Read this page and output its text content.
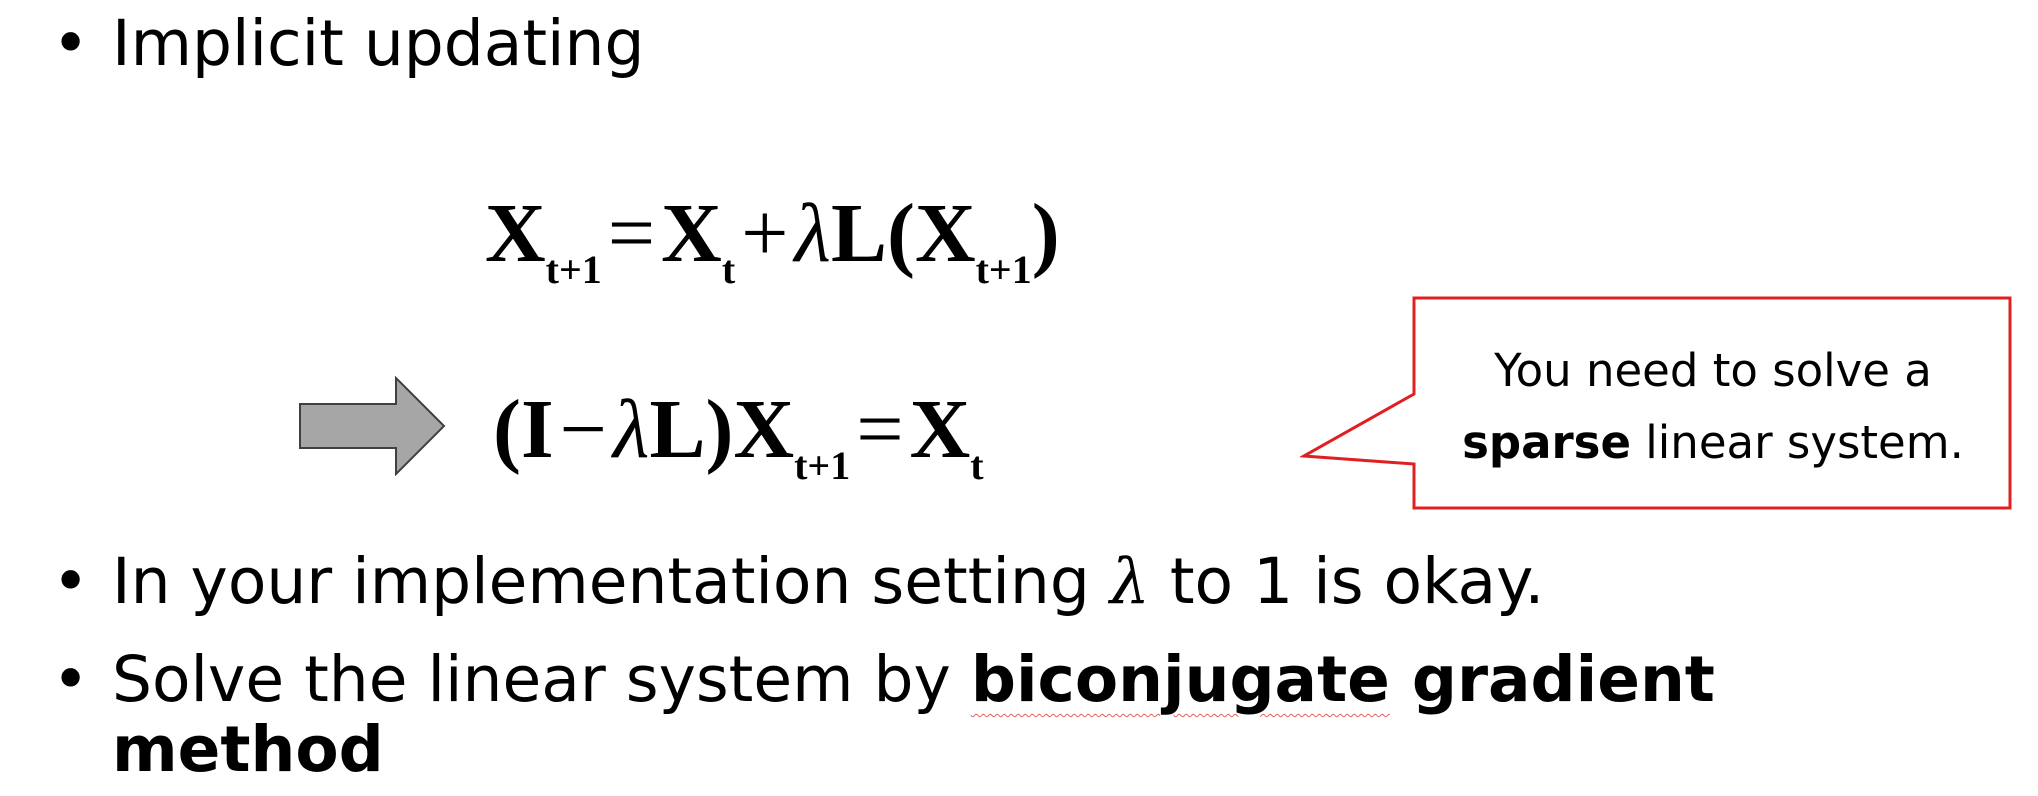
• Implicit updating
$X_{t+1}=X_t+\lambda L(X_{t+1})$
$(I-\lambda L)X_{t+1}=X_t$
You need to solve a
sparse linear system.
• In your implementation setting λ to 1 is okay.
• Solve the linear system by biconjugate gradient
method
